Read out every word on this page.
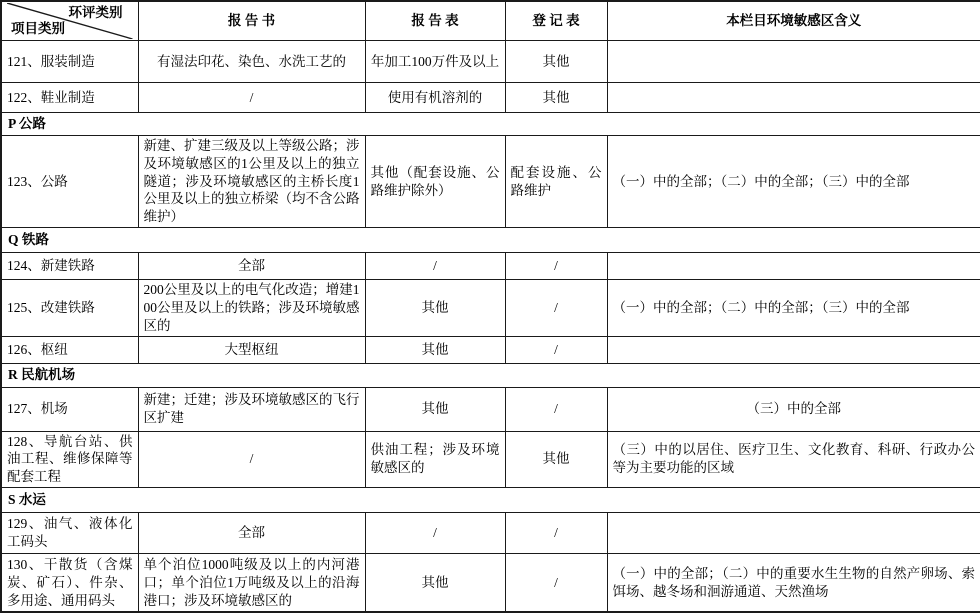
环评类别
项目类别	报 告 书	报 告 表	登 记 表	本栏目环境敏感区含义
121、服装制造	有湿法印花、染色、水洗工艺的	年加工100万件及以上	其他	
122、鞋业制造	/	使用有机溶剂的	其他	
P 公路				
123、公路	新建、扩建三级及以上等级公路；涉及环境敏感区的1公里及以上的独立隧道；涉及环境敏感区的主桥长度1公里及以上的独立桥梁（均不含公路维护）	其他（配套设施、公路维护除外）	配套设施、公路维护	（一）中的全部；（二）中的全部；（三）中的全部
Q 铁路				
124、新建铁路	全部	/	/	
125、改建铁路	200公里及以上的电气化改造；增建100公里及以上的铁路；涉及环境敏感区的	其他	/	（一）中的全部；（二）中的全部；（三）中的全部
126、枢纽	大型枢纽	其他	/	
R 民航机场				
127、机场	新建；迁建；涉及环境敏感区的飞行区扩建	其他	/	（三）中的全部
128、导航台站、供油工程、维修保障等配套工程	/	供油工程；涉及环境敏感区的	其他	（三）中的以居住、医疗卫生、文化教育、科研、行政办公等为主要功能的区域
S 水运				
129、油气、液体化工码头	全部	/	/	
130、干散货（含煤炭、矿石）、件杂、多用途、通用码头	单个泊位1000吨级及以上的内河港口；单个泊位1万吨级及以上的沿海港口；涉及环境敏感区的	其他	/	（一）中的全部；（二）中的重要水生生物的自然产卵场、索饵场、越冬场和洄游通道、天然渔场
